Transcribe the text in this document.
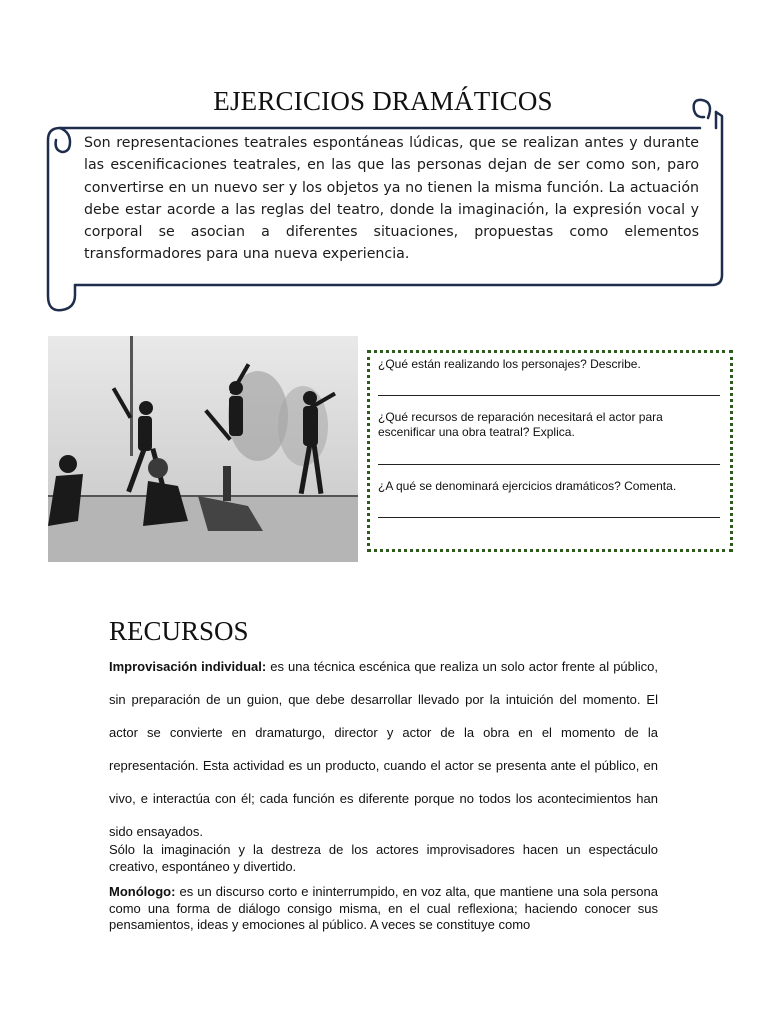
EJERCICIOS DRAMÁTICOS
Son representaciones teatrales espontáneas lúdicas, que se realizan antes y durante las escenificaciones teatrales, en las que las personas dejan de ser como son, paro convertirse en un nuevo ser y los objetos ya no tienen la misma función. La actuación debe estar acorde a las reglas del teatro, donde la imaginación, la expresión vocal y corporal se asocian a diferentes situaciones, propuestas como elementos transformadores para una nueva experiencia.
¿Qué están realizando los personajes? Describe.
¿Qué recursos de reparación necesitará el actor para escenificar una obra teatral? Explica.
¿A qué se denominará ejercicios dramáticos? Comenta.
RECURSOS
Improvisación individual: es una técnica escénica que realiza un solo actor frente al público, sin preparación de un guion, que debe desarrollar llevado por la intuición del momento. El actor se convierte en dramaturgo, director y actor de la obra en el momento de la representación. Esta actividad es un producto, cuando el actor se presenta ante el público, en vivo, e interactúa con él; cada función es diferente porque no todos los acontecimientos han sido ensayados.
Sólo la imaginación y la destreza de los actores improvisadores hacen un espectáculo creativo, espontáneo y divertido.
Monólogo: es un discurso corto e ininterrumpido, en voz alta, que mantiene una sola persona como una forma de diálogo consigo misma, en el cual reflexiona; haciendo conocer sus pensamientos, ideas y emociones al público. A veces se constituye como
